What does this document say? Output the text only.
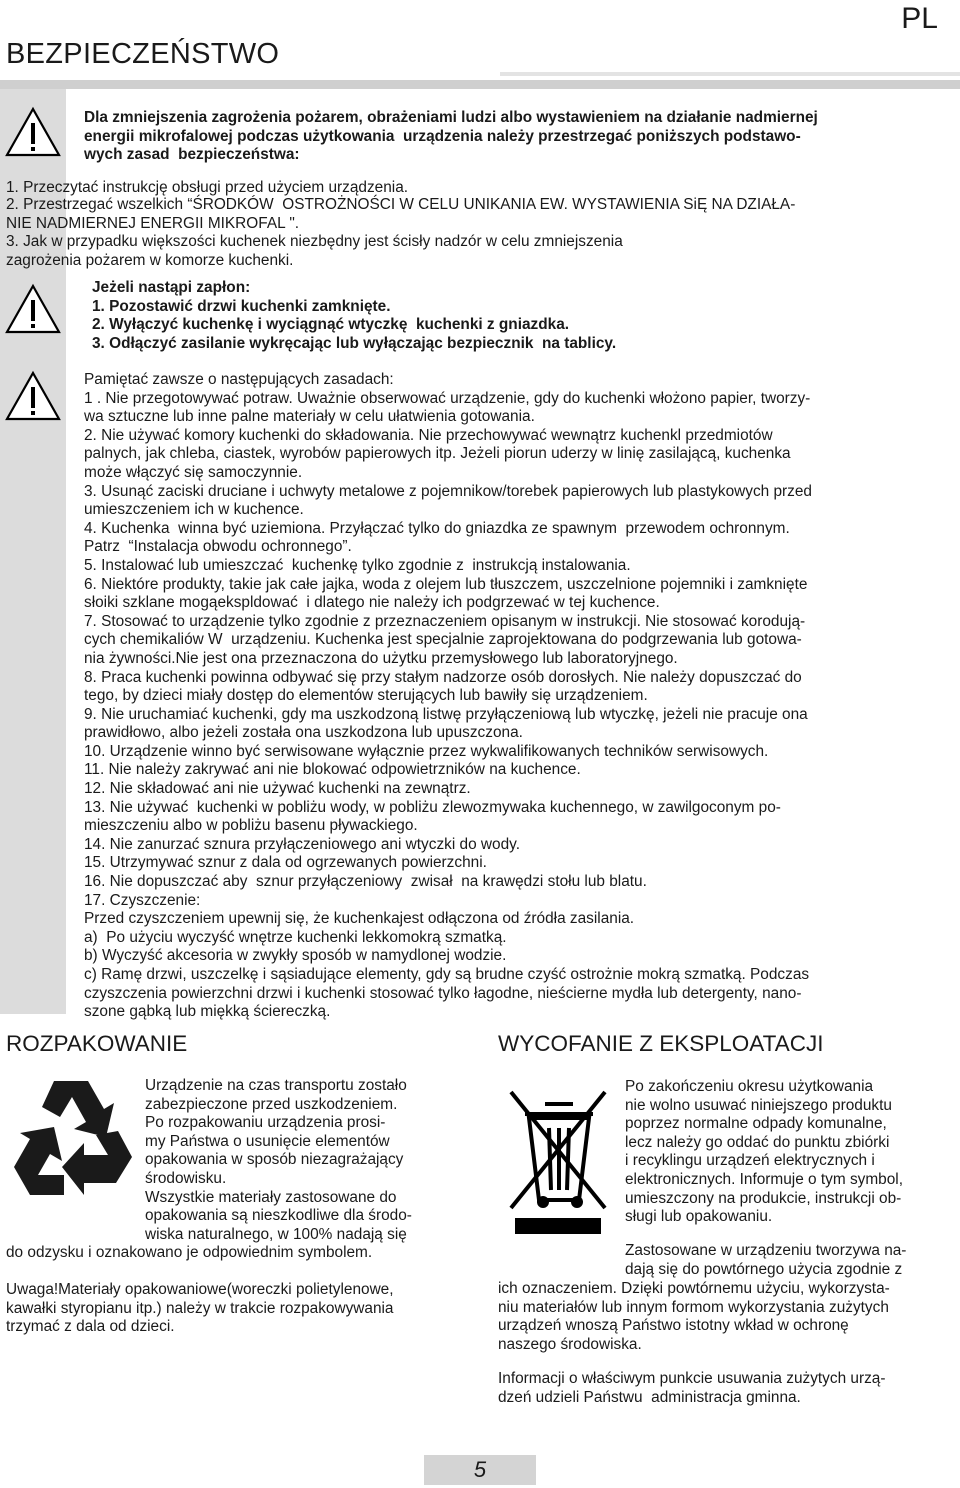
PL
BEZPIECZEŃSTWO
Dla zmniejszenia zagrożenia pożarem, obrażeniami ludzi albo wystawieniem na działanie nadmiernej
energii mikrofalowej podczas użytkowania  urządzenia należy przestrzegać poniższych podstawo-
wych zasad  bezpieczeństwa:
1. Przeczytać instrukcję obsługi przed użyciem urządzenia.
2. Przestrzegać wszelkich “ŚRODKÓW  OSTROŻNOŚCI W CELU UNIKANIA EW. WYSTAWIENIA SiĘ NA DZIAŁA-
NIE NADMIERNEJ ENERGII MIKROFAL ".
3. Jak w przypadku większości kuchenek niezbędny jest ścisły nadzór w celu zmniejszenia
zagrożenia pożarem w komorze kuchenki.
Jeżeli nastąpi zapłon:
1. Pozostawić drzwi kuchenki zamknięte.
2. Wyłączyć kuchenkę i wyciągnąć wtyczkę  kuchenki z gniazdka.
3. Odłączyć zasilanie wykręcając lub wyłączając bezpiecznik  na tablicy.
Pamiętać zawsze o następujących zasadach:
1 . Nie przegotowywać potraw. Uważnie obserwować urządzenie, gdy do kuchenki włożono papier, tworzy-
wa sztuczne lub inne palne materiały w celu ułatwienia gotowania.
2. Nie używać komory kuchenki do składowania. Nie przechowywać wewnątrz kuchenkl przedmiotów
palnych, jak chleba, ciastek, wyrobów papierowych itp. Jeżeli piorun uderzy w linię zasilającą, kuchenka
może włączyć się samoczynnie.
3. Usunąć zaciski druciane i uchwyty metalowe z pojemnikow/torebek papierowych lub plastykowych przed
umieszczeniem ich w kuchence.
4. Kuchenka  winna być uziemiona. Przyłączać tylko do gniazdka ze spawnym  przewodem ochronnym.
Patrz  “Instalacja obwodu ochronnego”.
5. Instalować lub umieszczać  kuchenkę tylko zgodnie z  instrukcją instalowania.
6. Niektóre produkty, takie jak całe jajka, woda z olejem lub tłuszczem, uszczelnione pojemniki i zamknięte
słoiki szklane mogąekspldować  i dlatego nie należy ich podgrzewać w tej kuchence.
7. Stosować to urządzenie tylko zgodnie z przeznaczeniem opisanym w instrukcji. Nie stosować korodują-
cych chemikaliów W  urządzeniu. Kuchenka jest specjalnie zaprojektowana do podgrzewania lub gotowa-
nia żywności.Nie jest ona przeznaczona do użytku przemysłowego lub laboratoryjnego.
8. Praca kuchenki powinna odbywać się przy stałym nadzorze osób dorosłych. Nie należy dopuszczać do
tego, by dzieci miały dostęp do elementów sterujących lub bawiły się urządzeniem.
9. Nie uruchamiać kuchenki, gdy ma uszkodzoną listwę przyłączeniową lub wtyczkę, jeżeli nie pracuje ona
prawidłowo, albo jeżeli została ona uszkodzona lub upuszczona.
10. Urządzenie winno być serwisowane wyłącznie przez wykwalifikowanych techników serwisowych.
11. Nie należy zakrywać ani nie blokować odpowietrzników na kuchence.
12. Nie składować ani nie używać kuchenki na zewnątrz.
13. Nie używać  kuchenki w pobliżu wody, w pobliżu zlewozmywaka kuchennego, w zawilgoconym po-
mieszczeniu albo w pobliżu basenu pływackiego.
14. Nie zanurzać sznura przyłączeniowego ani wtyczki do wody.
15. Utrzymywać sznur z dala od ogrzewanych powierzchni.
16. Nie dopuszczać aby  sznur przyłączeniowy  zwisał  na krawędzi stołu lub blatu.
17. Czyszczenie:
Przed czyszczeniem upewnij się, że kuchenkajest odłączona od źródła zasilania.
a)  Po użyciu wyczyść wnętrze kuchenki lekkomokrą szmatką.
b) Wyczyść akcesoria w zwykły sposób w namydlonej wodzie.
c) Ramę drzwi, uszczelkę i sąsiadujące elementy, gdy są brudne czyść ostrożnie mokrą szmatką. Podczas
czyszczenia powierzchni drzwi i kuchenki stosować tylko łagodne, nieścierne mydła lub detergenty, nano-
szone gąbką lub miękką ściereczką.
ROZPAKOWANIE
Urządzenie na czas transportu zostało
zabezpieczone przed uszkodzeniem.
Po rozpakowaniu urządzenia prosi-
my Państwa o usunięcie elementów
opakowania w sposób niezagrażający
środowisku.
Wszystkie materiały zastosowane do
opakowania są nieszkodliwe dla środo-
wiska naturalnego, w 100% nadają się
do odzysku i oznakowano je odpowiednim symbolem.
Uwaga!Materiały opakowaniowe(woreczki polietylenowe,
kawałki styropianu itp.) należy w trakcie rozpakowywania
trzymać z dala od dzieci.
WYCOFANIE Z EKSPLOATACJI
Po zakończeniu okresu użytkowania
nie wolno usuwać niniejszego produktu
poprzez normalne odpady komunalne,
lecz należy go oddać do punktu zbiórki
i recyklingu urządzeń elektrycznych i
elektronicznych. Informuje o tym symbol,
umieszczony na produkcie, instrukcji ob-
sługi lub opakowaniu.
Zastosowane w urządzeniu tworzywa na-
dają się do powtórnego użycia zgodnie z
ich oznaczeniem. Dzięki powtórnemu użyciu, wykorzysta-
niu materiałów lub innym formom wykorzystania zużytych
urządzeń wnoszą Państwo istotny wkład w ochronę
naszego środowiska.
Informacji o właściwym punkcie usuwania zużytych urzą-
dzeń udzieli Państwu  administracja gminna.
5
